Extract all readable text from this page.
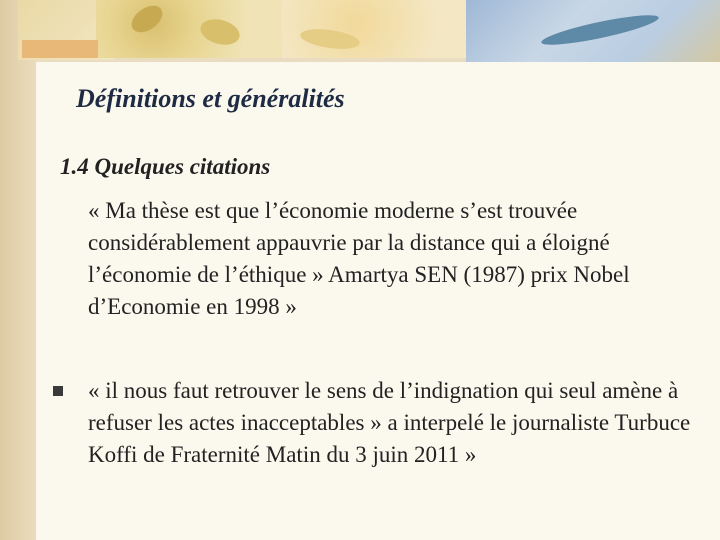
Définitions et généralités
1.4 Quelques citations

« Ma thèse est que l’économie moderne s’est trouvée considérablement appauvrie par la distance qui a éloigné l’économie de l’éthique » Amartya SEN (1987) prix Nobel d’Economie en 1998 »

« il nous faut retrouver le sens de l’indignation qui seul amène à refuser les actes inacceptables » a interpelé le journaliste Turbuce Koffi de Fraternité Matin du 3 juin 2011 »
